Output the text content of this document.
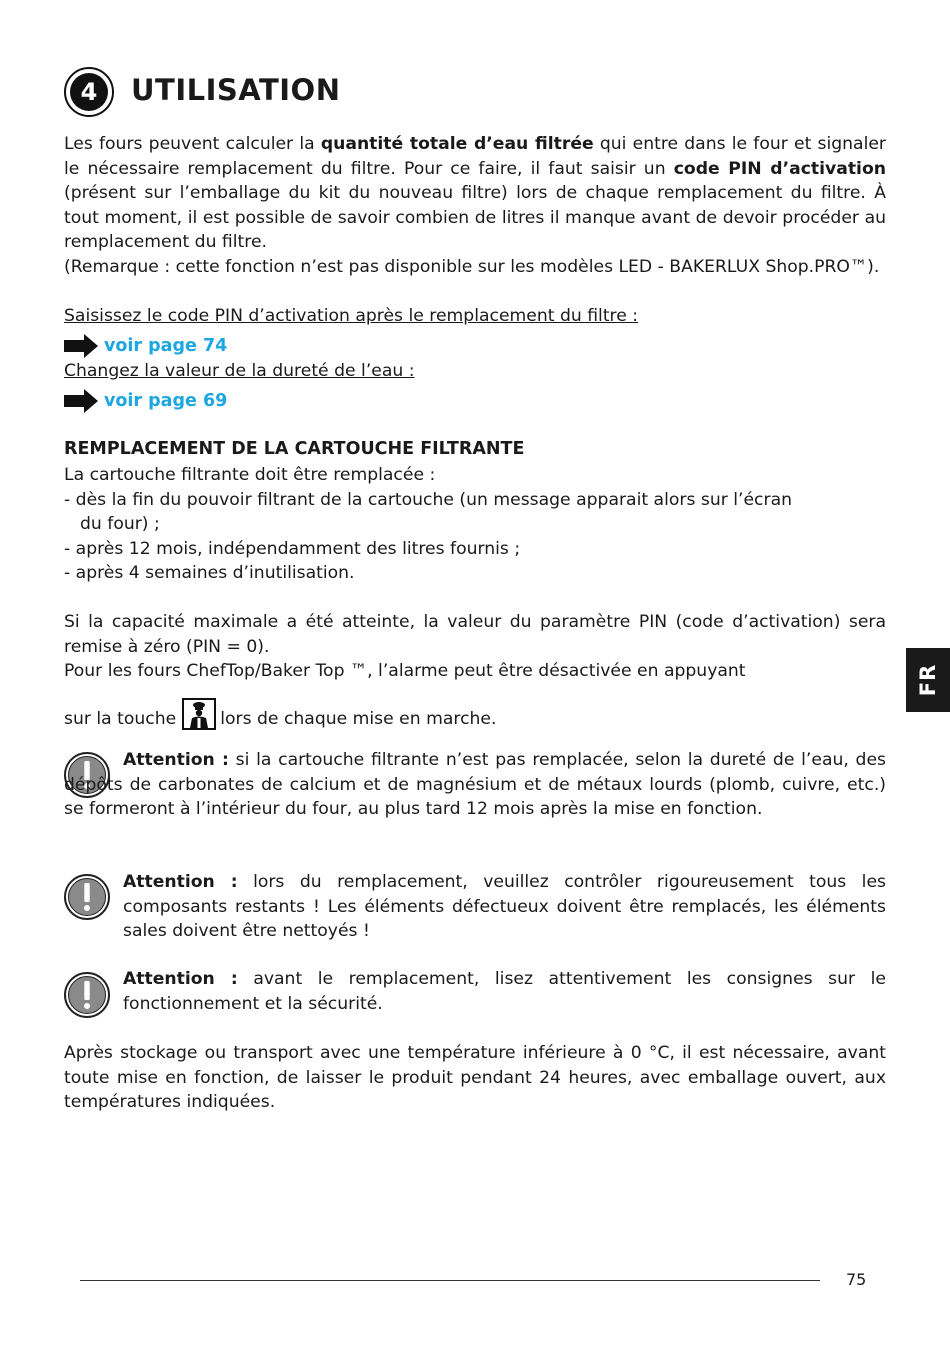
4	UTILISATION

Les fours peuvent calculer la quantité totale d’eau filtrée qui entre dans le four et signaler le nécessaire remplacement du filtre. Pour ce faire, il faut saisir un code PIN d’activation (présent sur l’emballage du kit du nouveau filtre) lors de chaque remplacement du filtre. À tout moment, il est possible de savoir combien de litres il manque avant de devoir procéder au remplacement du filtre.

(Remarque : cette fonction n’est pas disponible sur les modèles LED - BAKERLUX Shop.PRO™).

Saisissez le code PIN d’activation après le remplacement du filtre :

voir page 74

Changez la valeur de la dureté de l’eau :

voir page 69
REMPLACEMENT DE LA CARTOUCHE FILTRANTE

La cartouche filtrante doit être remplacée :

- dès la fin du pouvoir filtrant de la cartouche (un message apparait alors sur l’écran

du four) ;

- après 12 mois, indépendamment des litres fournis ;

- après 4 semaines d’inutilisation.

Si la capacité maximale a été atteinte, la valeur du paramètre PIN (code d’activation) sera remise à zéro (PIN = 0).

Pour les fours ChefTop/Baker Top ™, l’alarme peut être désactivée en appuyant

sur la touche	lors de chaque mise en marche.

Attention : si la cartouche filtrante n’est pas remplacée, selon la dureté de l’eau, des dépôts de carbonates de calcium et de magnésium et de métaux lourds (plomb, cuivre, etc.) se formeront à l’intérieur du four, au plus tard 12 mois après la mise en fonction.

Attention : lors du remplacement, veuillez contrôler rigoureusement tous les composants restants ! Les éléments défectueux doivent être remplacés, les éléments sales doivent être nettoyés !

Attention : avant le remplacement, lisez attentivement les consignes sur le fonctionnement et la sécurité.

Après stockage ou transport avec une température inférieure à 0 °C, il est nécessaire, avant toute mise en fonction, de laisser le produit pendant 24 heures, avec emballage ouvert, aux températures indiquées.

FR
75
